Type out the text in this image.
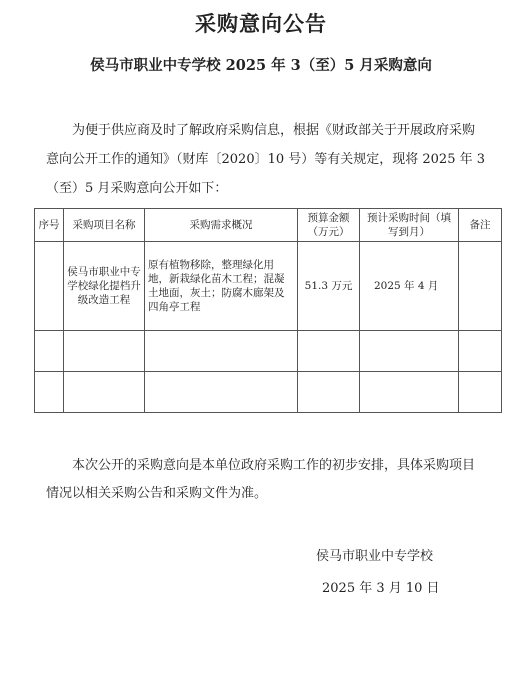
采购意向公告
侯马市职业中专学校 2025 年 3（至）5 月采购意向

为便于供应商及时了解政府采购信息，根据《财政部关于开展政府采购意向公开工作的通知》（财库〔2020〕10 号）等有关规定，现将 2025 年 3（至）5 月采购意向公开如下：

序号	采购项目名称	采购需求概况	预算金额（万元）	预计采购时间（填写到月）	备注
	侯马市职业中专学校绿化提档升级改造工程	原有植物移除，整理绿化用地，新栽绿化苗木工程；混凝土地面，灰土；防腐木廊架及四角亭工程	51.3 万元	2025 年 4 月	

本次公开的采购意向是本单位政府采购工作的初步安排，具体采购项目情况以相关采购公告和采购文件为准。

侯马市职业中专学校
2025 年 3 月 10 日
